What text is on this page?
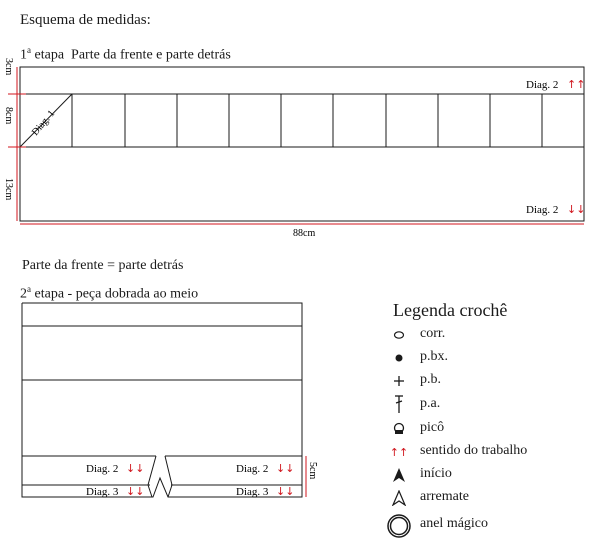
Esquema de medidas:
1$^a$ etapa Parte da frente e parte detrás
Diag. 1
3cm
8cm
13cm
88cm
Diag. 2 ↑↑
Diag. 2 ↓↓
Diag. 2 ↓↓	Diag. 2 ↓↓
Diag. 3 ↓↓	Diag. 3 ↓↓
5cm
Parte da frente = parte detrás
2$^a$ etapa - peça dobrada ao meio
Legenda crochê
corr.
p.bx.
p.b.
p.a.
picô
↑↑ sentido do trabalho
início
arremate
anel mágico
